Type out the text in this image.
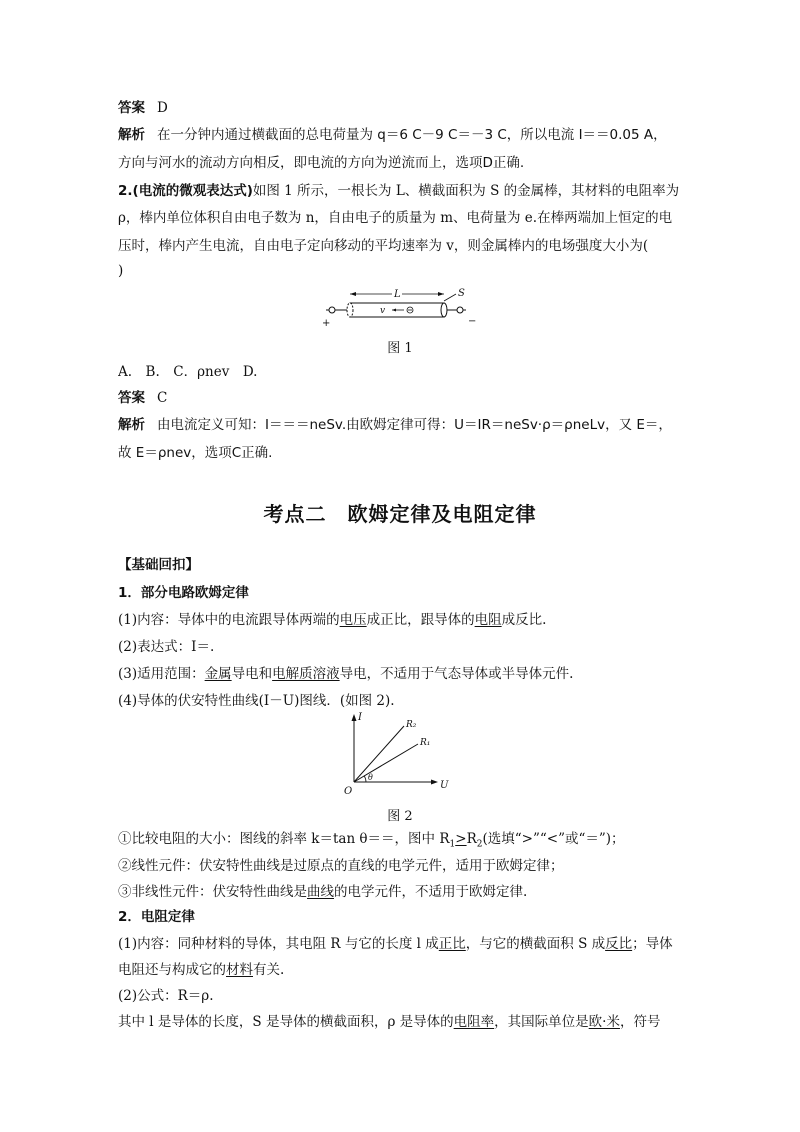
答案 D
解析 在一分钟内通过横截面的总电荷量为 q＝6 C－9 C＝－3 C，所以电流 I＝＝0.05 A，
方向与河水的流动方向相反，即电流的方向为逆流而上，选项D正确.
2.(电流的微观表达式)如图 1 所示，一根长为 L、横截面积为 S 的金属棒，其材料的电阻率为
ρ，棒内单位体积自由电子数为 n，自由电子的质量为 m、电荷量为 e.在棒两端加上恒定的电
压时，棒内产生电流，自由电子定向移动的平均速率为 v，则金属棒内的电场强度大小为(
)
+	−
L	S
v
图 1
A.　B.　C．ρnev　D.
答案 C
解析 由电流定义可知：I＝＝＝neSv.由欧姆定律可得：U＝IR＝neSv·ρ＝ρneLv，又 E＝，
故 E＝ρnev，选项C正确.
考点二　欧姆定律及电阻定律
【基础回扣】
1．部分电路欧姆定律
(1)内容：导体中的电流跟导体两端的电压成正比，跟导体的电阻成反比.
(2)表达式：I＝.
(3)适用范围：金属导电和电解质溶液导电，不适用于气态导体或半导体元件.
(4)导体的伏安特性曲线(I－U)图线．(如图 2).
I
U
O
R₂
R₁
θ
图 2
①比较电阻的大小：图线的斜率 k＝tan θ＝＝，图中 $R_1>R_2$(选填“>”“<”或“＝”)；
②线性元件：伏安特性曲线是过原点的直线的电学元件，适用于欧姆定律；
③非线性元件：伏安特性曲线是曲线的电学元件，不适用于欧姆定律.
2．电阻定律
(1)内容：同种材料的导体，其电阻 R 与它的长度 l 成正比，与它的横截面积 S 成反比；导体
电阻还与构成它的材料有关.
(2)公式：R＝ρ.
其中 l 是导体的长度，S 是导体的横截面积，ρ 是导体的电阻率，其国际单位是欧·米，符号
